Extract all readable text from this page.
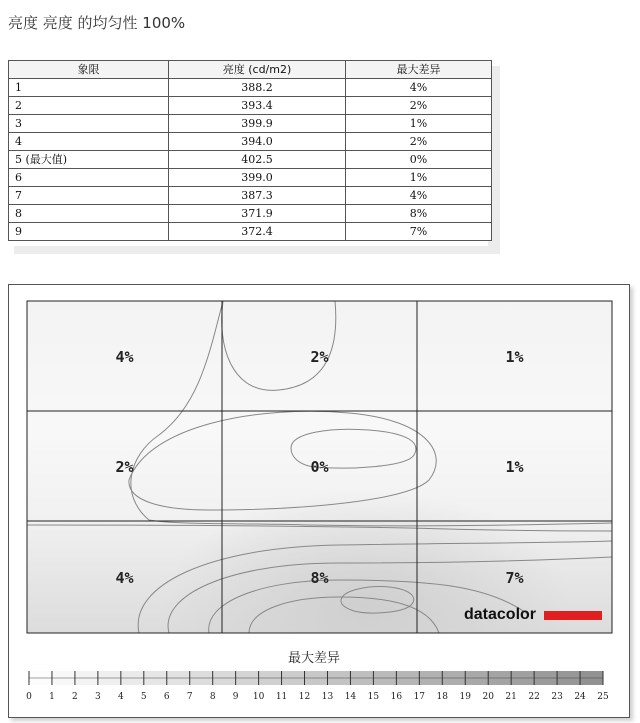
亮度 亮度 的均匀性 100%
象限	亮度 (cd/m2)	最大差异
1	388.2	4%
2	393.4	2%
3	399.9	1%
4	394.0	2%
5 (最大值)	402.5	0%
6	399.0	1%
7	387.3	4%
8	371.9	8%
9	372.4	7%
4%	2%	1%
2%	0%	1%
4%	8%	7%
datacolor
最大差异
0 1 2 3 4 5 6 7 8 9 10 11 12 13 14 15 16 17 18 19 20 21 22 23 24 25
